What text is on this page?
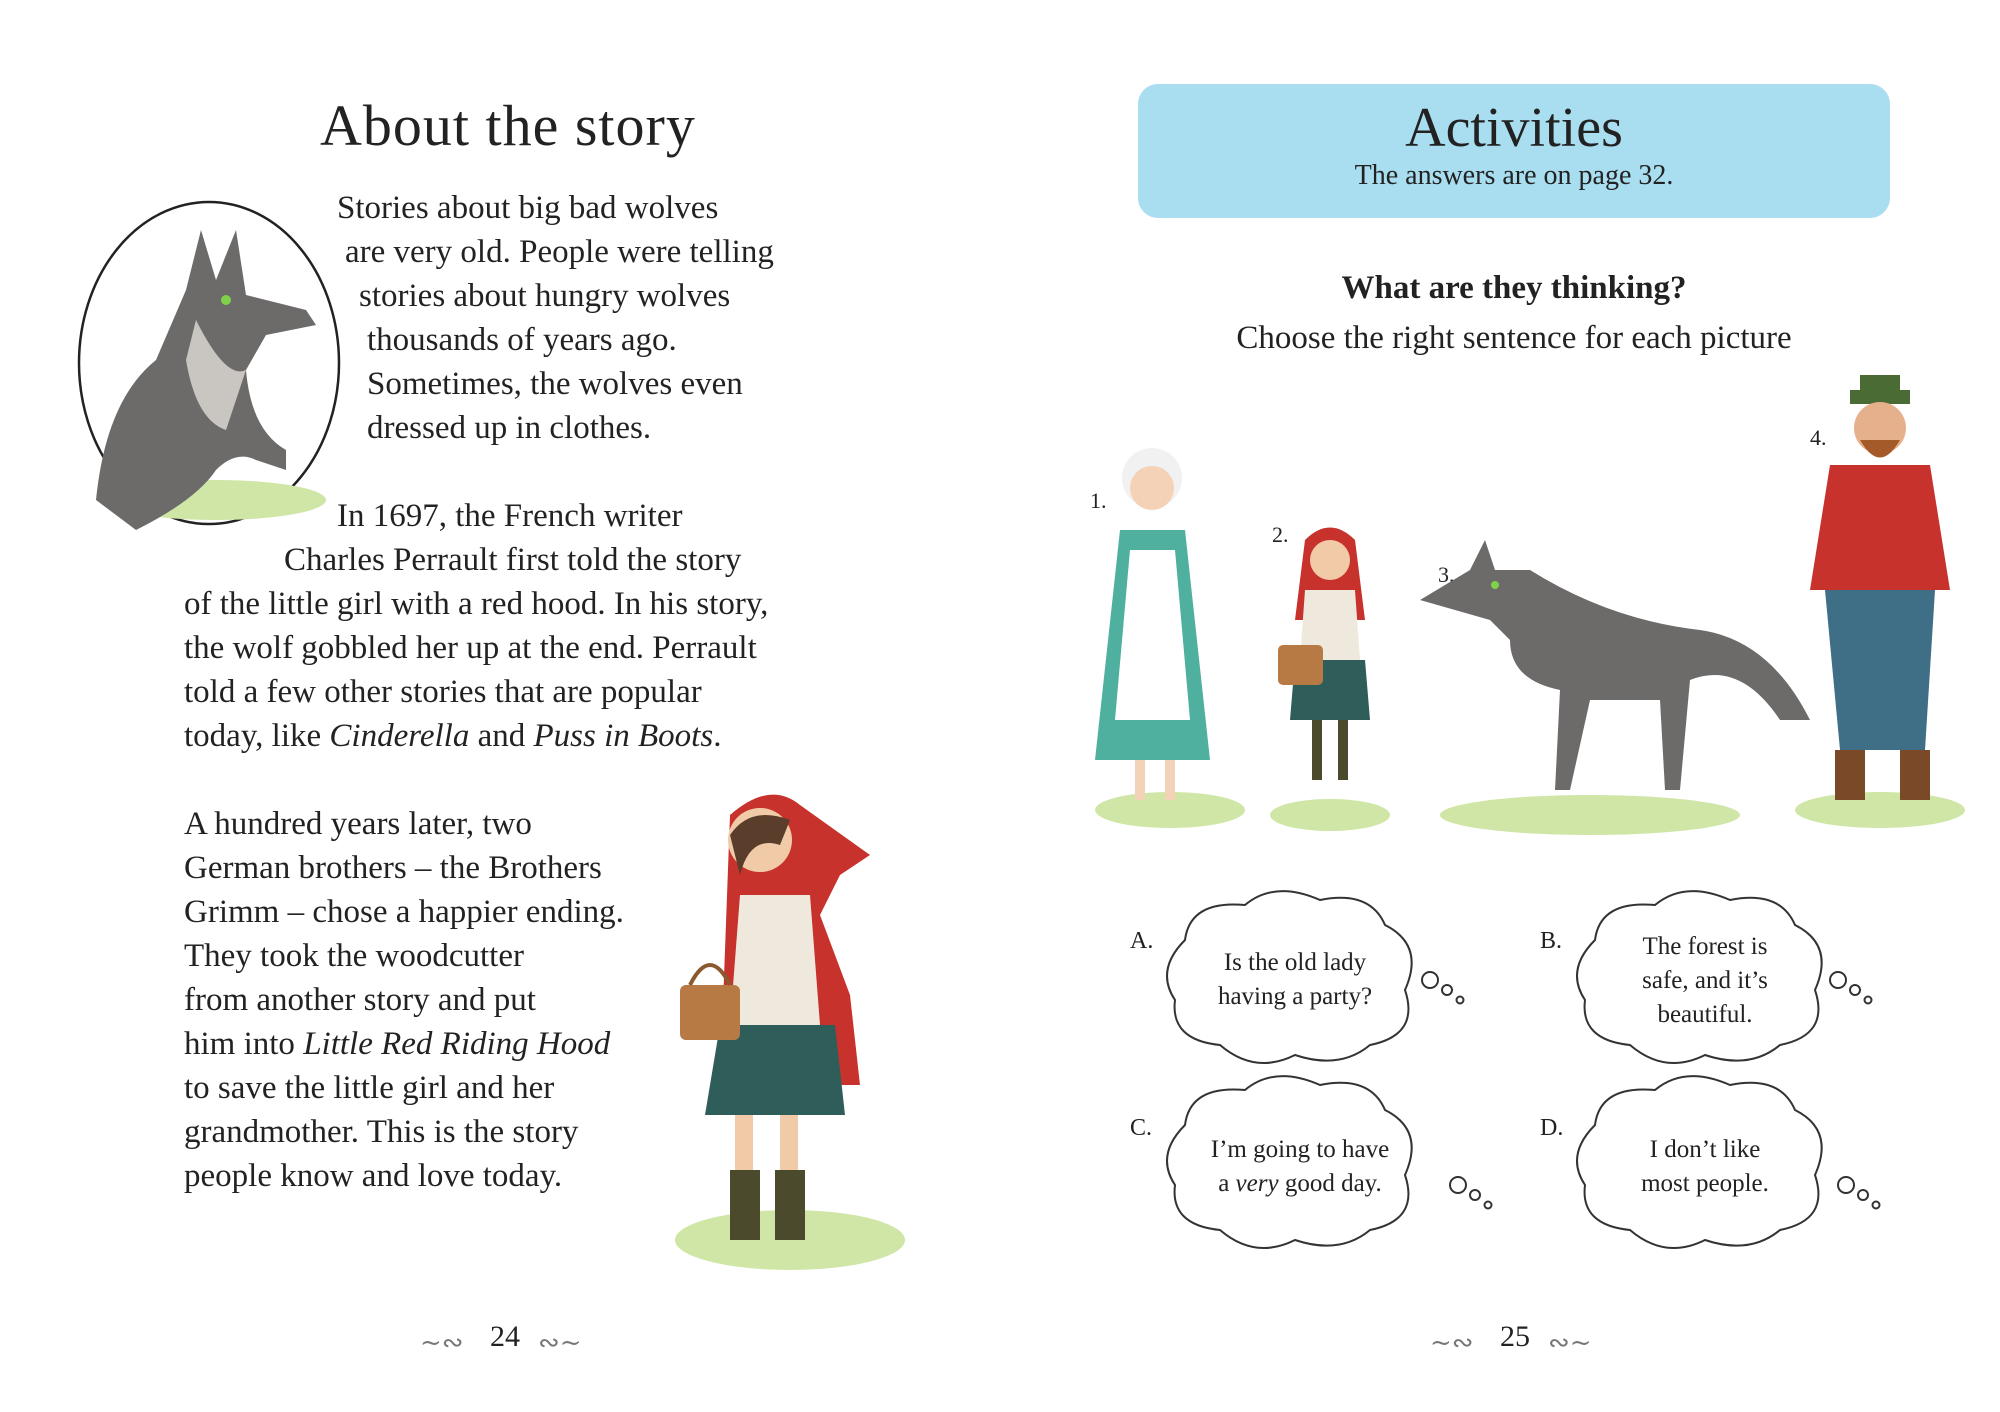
About the story
Stories about big bad wolves
are very old. People were telling
stories about hungry wolves
thousands of years ago.
Sometimes, the wolves even
dressed up in clothes.
In 1697, the French writer
Charles Perrault first told the story
of the little girl with a red hood. In his story,
the wolf gobbled her up at the end. Perrault
told a few other stories that are popular
today, like Cinderella and Puss in Boots.
A hundred years later, two
German brothers – the Brothers
Grimm – chose a happier ending.
They took the woodcutter
from another story and put
him into Little Red Riding Hood
to save the little girl and her
grandmother. This is the story
people know and love today.
~∾ 24 ∾~
Activities
The answers are on page 32.
What are they thinking?
Choose the right sentence for each picture
1.
2.
3.
4.
A.	B.
C.	D.
Is the old lady
having a party?
The forest is
safe, and it’s
beautiful.
I’m going to have
a very good day.
I don’t like
most people.
~∾ 25 ∾~
